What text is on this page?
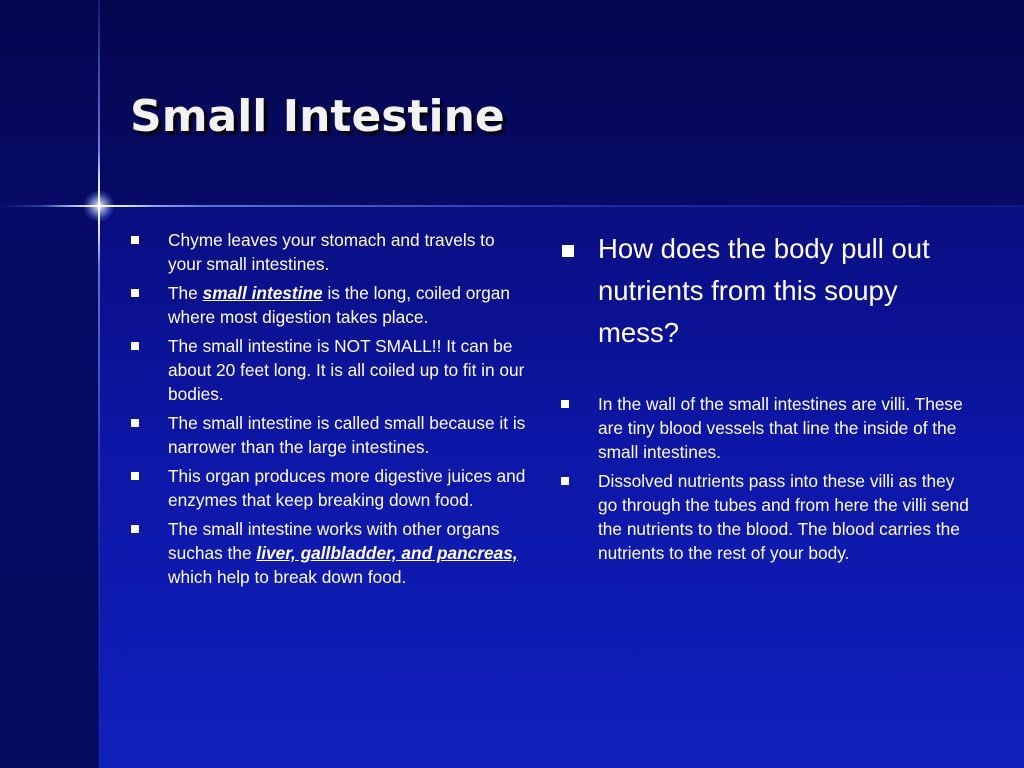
Small Intestine
Chyme leaves your stomach and travels to your small intestines.
The small intestine is the long, coiled organ where most digestion takes place.
The small intestine is NOT SMALL!! It can be about 20 feet long. It is all coiled up to fit in our bodies.
The small intestine is called small because it is narrower than the large intestines.
This organ produces more digestive juices and enzymes that keep breaking down food.
The small intestine works with other organs suchas the liver, gallbladder, and pancreas, which help to break down food.
How does the body pull out nutrients from this soupy mess?
In the wall of the small intestines are villi. These are tiny blood vessels that line the inside of the small intestines.
Dissolved nutrients pass into these villi as they go through the tubes and from here the villi send the nutrients to the blood. The blood carries the nutrients to the rest of your body.
